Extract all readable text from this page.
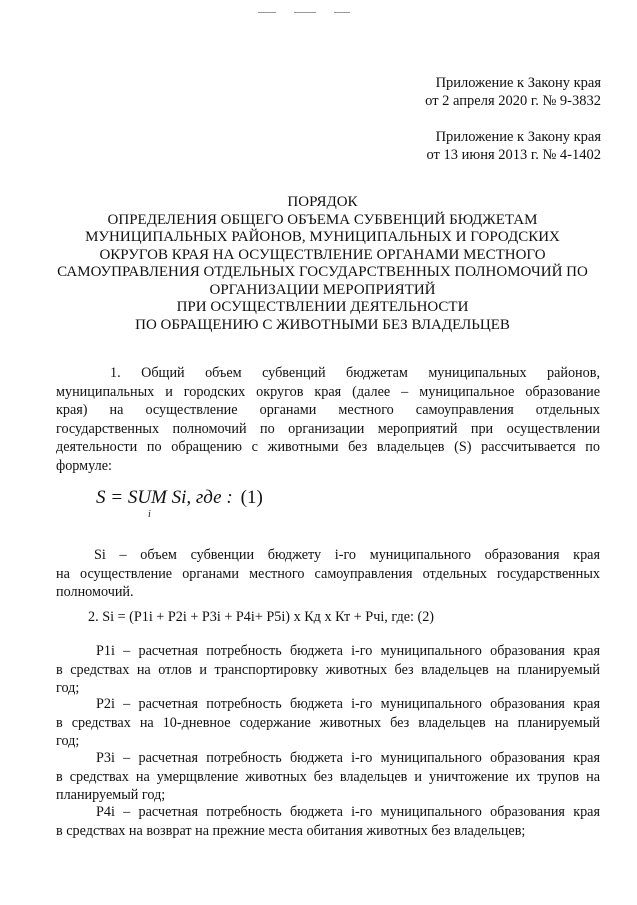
Приложение к Закону края
от 2 апреля 2020 г. № 9-3832
Приложение к Закону края
от 13 июня 2013 г. № 4-1402
ПОРЯДОК
ОПРЕДЕЛЕНИЯ ОБЩЕГО ОБЪЕМА СУБВЕНЦИЙ БЮДЖЕТАМ
МУНИЦИПАЛЬНЫХ РАЙОНОВ, МУНИЦИПАЛЬНЫХ И ГОРОДСКИХ
ОКРУГОВ КРАЯ НА ОСУЩЕСТВЛЕНИЕ ОРГАНАМИ МЕСТНОГО
САМОУПРАВЛЕНИЯ ОТДЕЛЬНЫХ ГОСУДАРСТВЕННЫХ ПОЛНОМОЧИЙ ПО
ОРГАНИЗАЦИИ МЕРОПРИЯТИЙ
ПРИ ОСУЩЕСТВЛЕНИИ ДЕЯТЕЛЬНОСТИ
ПО ОБРАЩЕНИЮ С ЖИВОТНЫМИ БЕЗ ВЛАДЕЛЬЦЕВ
1. Общий объем субвенций бюджетам муниципальных районов,
муниципальных и городских округов края (далее – муниципальное образование
края) на осуществление органами местного самоуправления отдельных
государственных полномочий по организации мероприятий при осуществлении
деятельности по обращению с животными без владельцев (S) рассчитывается по
формуле:
S = SUM Si, где : (1)
i
Si – объем субвенции бюджету i-го муниципального образования края
на осуществление органами местного самоуправления отдельных государственных
полномочий.
2. Si = (P1i + P2i + P3i + P4i+ P5i) х Кд х Кт + Рчi, где: (2)
P1i – расчетная потребность бюджета i-го муниципального образования края
в средствах на отлов и транспортировку животных без владельцев на планируемый
год;
P2i – расчетная потребность бюджета i-го муниципального образования края
в средствах на 10-дневное содержание животных без владельцев на планируемый
год;
P3i – расчетная потребность бюджета i-го муниципального образования края
в средствах на умерщвление животных без владельцев и уничтожение их трупов на
планируемый год;
P4i – расчетная потребность бюджета i-го муниципального образования края
в средствах на возврат на прежние места обитания животных без владельцев;
